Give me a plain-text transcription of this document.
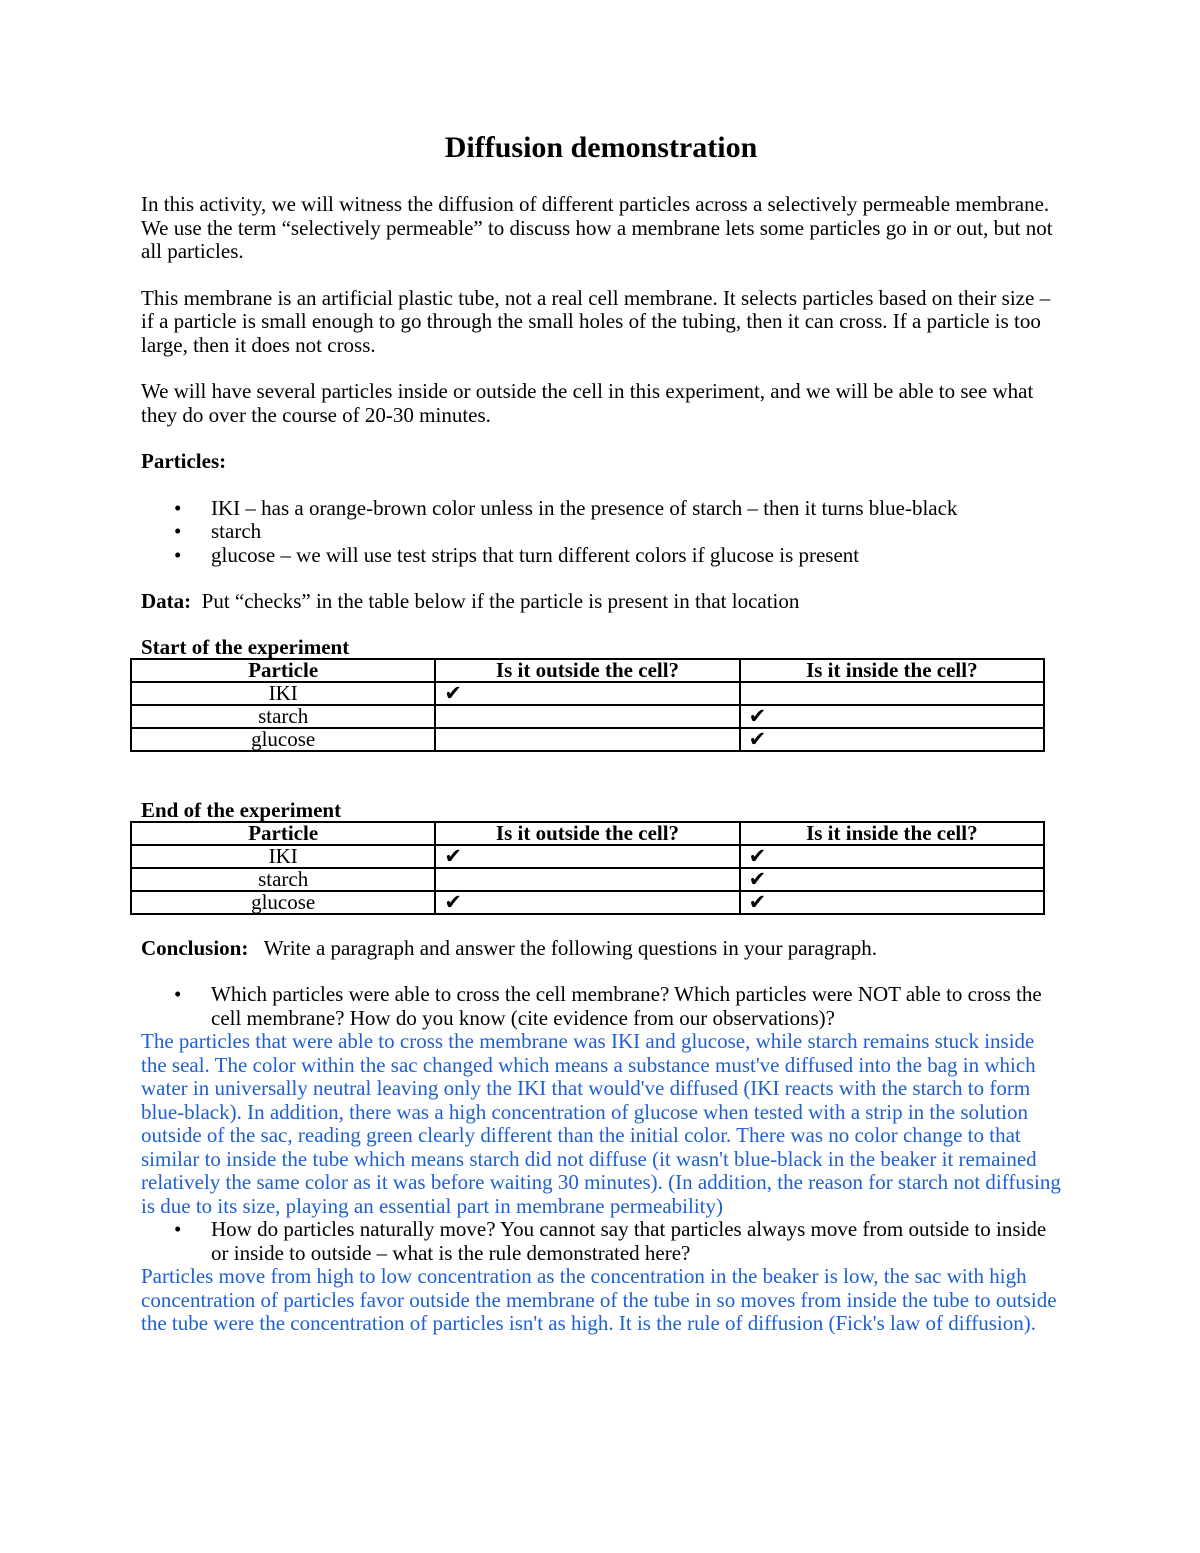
Diffusion demonstration

In this activity, we will witness the diffusion of different particles across a selectively permeable membrane. We use the term “selectively permeable” to discuss how a membrane lets some particles go in or out, but not all particles.

This membrane is an artificial plastic tube, not a real cell membrane. It selects particles based on their size – if a particle is small enough to go through the small holes of the tubing, then it can cross. If a particle is too large, then it does not cross.

We will have several particles inside or outside the cell in this experiment, and we will be able to see what they do over the course of 20-30 minutes.

Particles:

• IKI – has a orange-brown color unless in the presence of starch – then it turns blue-black
• starch
• glucose – we will use test strips that turn different colors if glucose is present

Data: Put “checks” in the table below if the particle is present in that location

Start of the experiment

Particle	Is it outside the cell?	Is it inside the cell?
IKI	✔	
starch		✔
glucose		✔

End of the experiment

Particle	Is it outside the cell?	Is it inside the cell?
IKI	✔	✔
starch		✔
glucose	✔	✔

Conclusion: Write a paragraph and answer the following questions in your paragraph.

• Which particles were able to cross the cell membrane? Which particles were NOT able to cross the cell membrane? How do you know (cite evidence from our observations)?

The particles that were able to cross the membrane was IKI and glucose, while starch remains stuck inside the seal. The color within the sac changed which means a substance must've diffused into the bag in which water in universally neutral leaving only the IKI that would've diffused (IKI reacts with the starch to form blue-black). In addition, there was a high concentration of glucose when tested with a strip in the solution outside of the sac, reading green clearly different than the initial color. There was no color change to that similar to inside the tube which means starch did not diffuse (it wasn't blue-black in the beaker it remained relatively the same color as it was before waiting 30 minutes). (In addition, the reason for starch not diffusing is due to its size, playing an essential part in membrane permeability)

• How do particles naturally move? You cannot say that particles always move from outside to inside or inside to outside – what is the rule demonstrated here?

Particles move from high to low concentration as the concentration in the beaker is low, the sac with high concentration of particles favor outside the membrane of the tube in so moves from inside the tube to outside the tube were the concentration of particles isn't as high. It is the rule of diffusion (Fick's law of diffusion).
